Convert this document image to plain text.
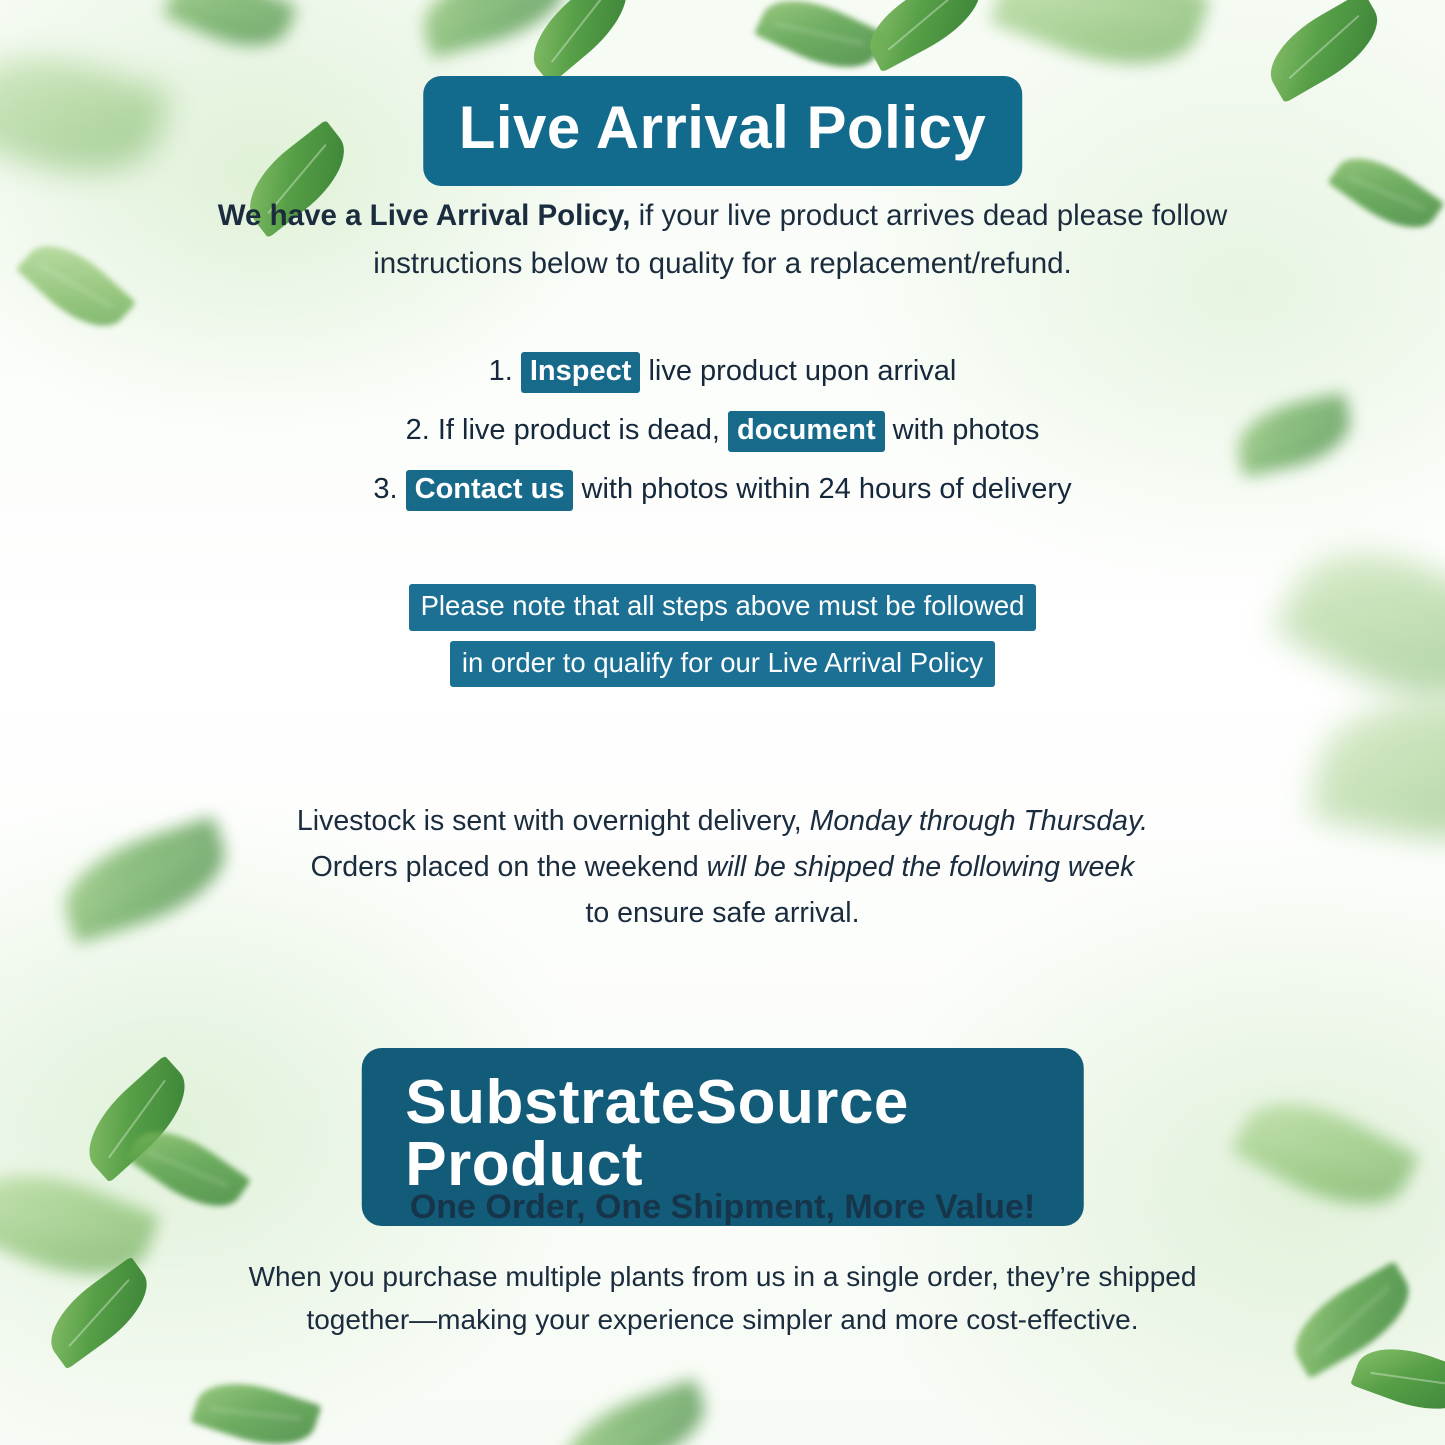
Live Arrival Policy
We have a Live Arrival Policy, if your live product arrives dead please follow instructions below to quality for a replacement/refund.
1. Inspect live product upon arrival
2. If live product is dead, document with photos
3. Contact us with photos within 24 hours of delivery
Please note that all steps above must be followed
in order to qualify for our Live Arrival Policy
Livestock is sent with overnight delivery, Monday through Thursday.
Orders placed on the weekend will be shipped the following week
to ensure safe arrival.
SubstrateSource Product
One Order, One Shipment, More Value!
When you purchase multiple plants from us in a single order, they’re shipped
together—making your experience simpler and more cost-effective.
